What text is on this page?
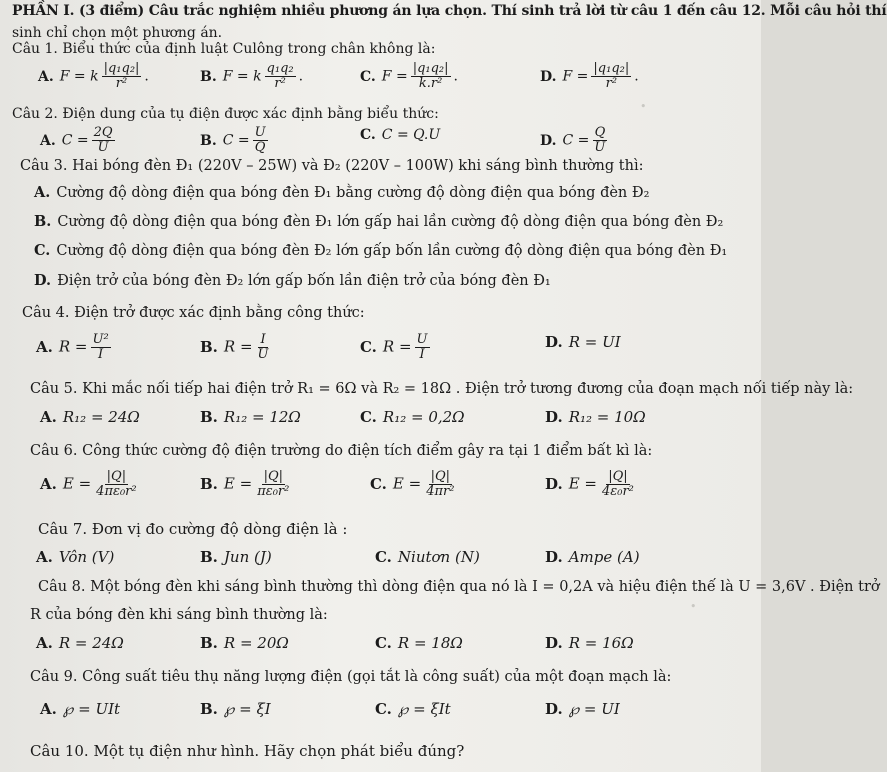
•
•
PHẦN I. (3 điểm) Câu trắc nghiệm nhiều phương án lựa chọn. Thí sinh trả lời từ câu 1 đến câu 12. Mỗi câu hỏi thí
sinh chỉ chọn một phương án.
Câu 1. Biểu thức của định luật Culông trong chân không là:
A. F = k $\frac{\text{|q₁q₂|}}{\text{r²}}$ .	B. F = k $\frac{\text{q₁q₂}}{\text{r²}}$ .	C. $F = \frac{\text{|q₁q₂|}}{\text{k.r²}}$ .	D. $F = \frac{\text{|q₁q₂|}}{\text{r²}}$ .
Câu 2. Điện dung của tụ điện được xác định bằng biểu thức:
A. $C = \frac{2Q}{U}$	B. $C = \frac{U}{Q}$	C. C = Q.U	D. $C = \frac{Q}{U}$
Câu 3. Hai bóng đèn Đ₁ (220V – 25W) và Đ₂ (220V – 100W) khi sáng bình thường thì:
A. Cường độ dòng điện qua bóng đèn Đ₁ bằng cường độ dòng điện qua bóng đèn Đ₂
B. Cường độ dòng điện qua bóng đèn Đ₁ lớn gấp hai lần cường độ dòng điện qua bóng đèn Đ₂
C. Cường độ dòng điện qua bóng đèn Đ₂ lớn gấp bốn lần cường độ dòng điện qua bóng đèn Đ₁
D. Điện trở của bóng đèn Đ₂ lớn gấp bốn lần điện trở của bóng đèn Đ₁
Câu 4. Điện trở được xác định bằng công thức:
A. $R = \frac{\text{U²}}{I}$	B. $R = \frac{I}{U}$	C. $R = \frac{U}{I}$	D. R = UI
Câu 5. Khi mắc nối tiếp hai điện trở R₁ = 6Ω và R₂ = 18Ω . Điện trở tương đương của đoạn mạch nối tiếp này là:
A. R₁₂ = 24Ω	B. R₁₂ = 12Ω	C. R₁₂ = 0,2Ω	D. R₁₂ = 10Ω
Câu 6. Công thức cường độ điện trường do điện tích điểm gây ra tại 1 điểm bất kì là:
A. $E = \frac{|Q|}{\text{4πε₀r²}}$	B. $E = \frac{|Q|}{\text{πε₀r²}}$	C. $E = \frac{|Q|}{\text{4πr²}}$	D. $E = \frac{|Q|}{\text{4ε₀r²}}$
Câu 7. Đơn vị đo cường độ dòng điện là :
A. Vôn (V)	B. Jun (J)	C. Niutơn (N)	D. Ampe (A)
Câu 8. Một bóng đèn khi sáng bình thường thì dòng điện qua nó là I = 0,2A và hiệu điện thế là U = 3,6V . Điện trở
R của bóng đèn khi sáng bình thường là:
A. R = 24Ω	B. R = 20Ω	C. R = 18Ω	D. R = 16Ω
Câu 9. Công suất tiêu thụ năng lượng điện (gọi tắt là công suất) của một đoạn mạch là:
A. ℘ = UIt	B. ℘ = ξI	C. ℘ = ξIt	D. ℘ = UI
Câu 10. Một tụ điện như hình. Hãy chọn phát biểu đúng?
